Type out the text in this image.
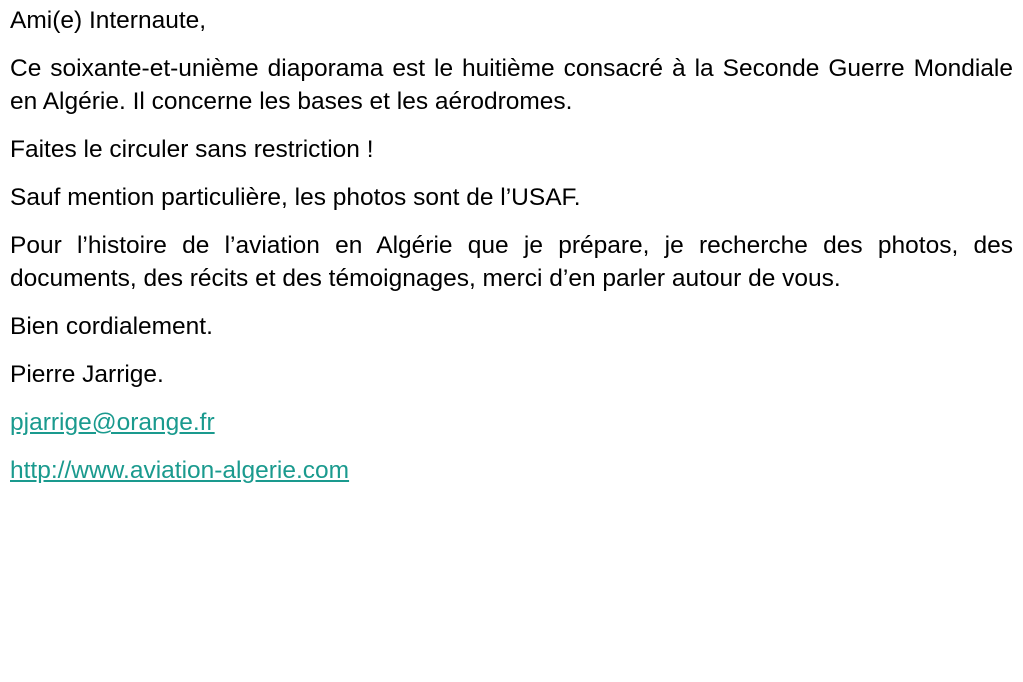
Ami(e) Internaute,

Ce soixante-et-unième diaporama est le huitième consacré à la Seconde Guerre Mondiale en Algérie. Il concerne les bases et les aérodromes.

Faites le circuler sans restriction !

Sauf mention particulière, les photos sont de l’USAF.

Pour l’histoire de l’aviation en Algérie que je prépare, je recherche des photos, des documents, des récits et des témoignages, merci d’en parler autour de vous.

Bien cordialement.

Pierre Jarrige.

pjarrige@orange.fr

http://www.aviation-algerie.com
